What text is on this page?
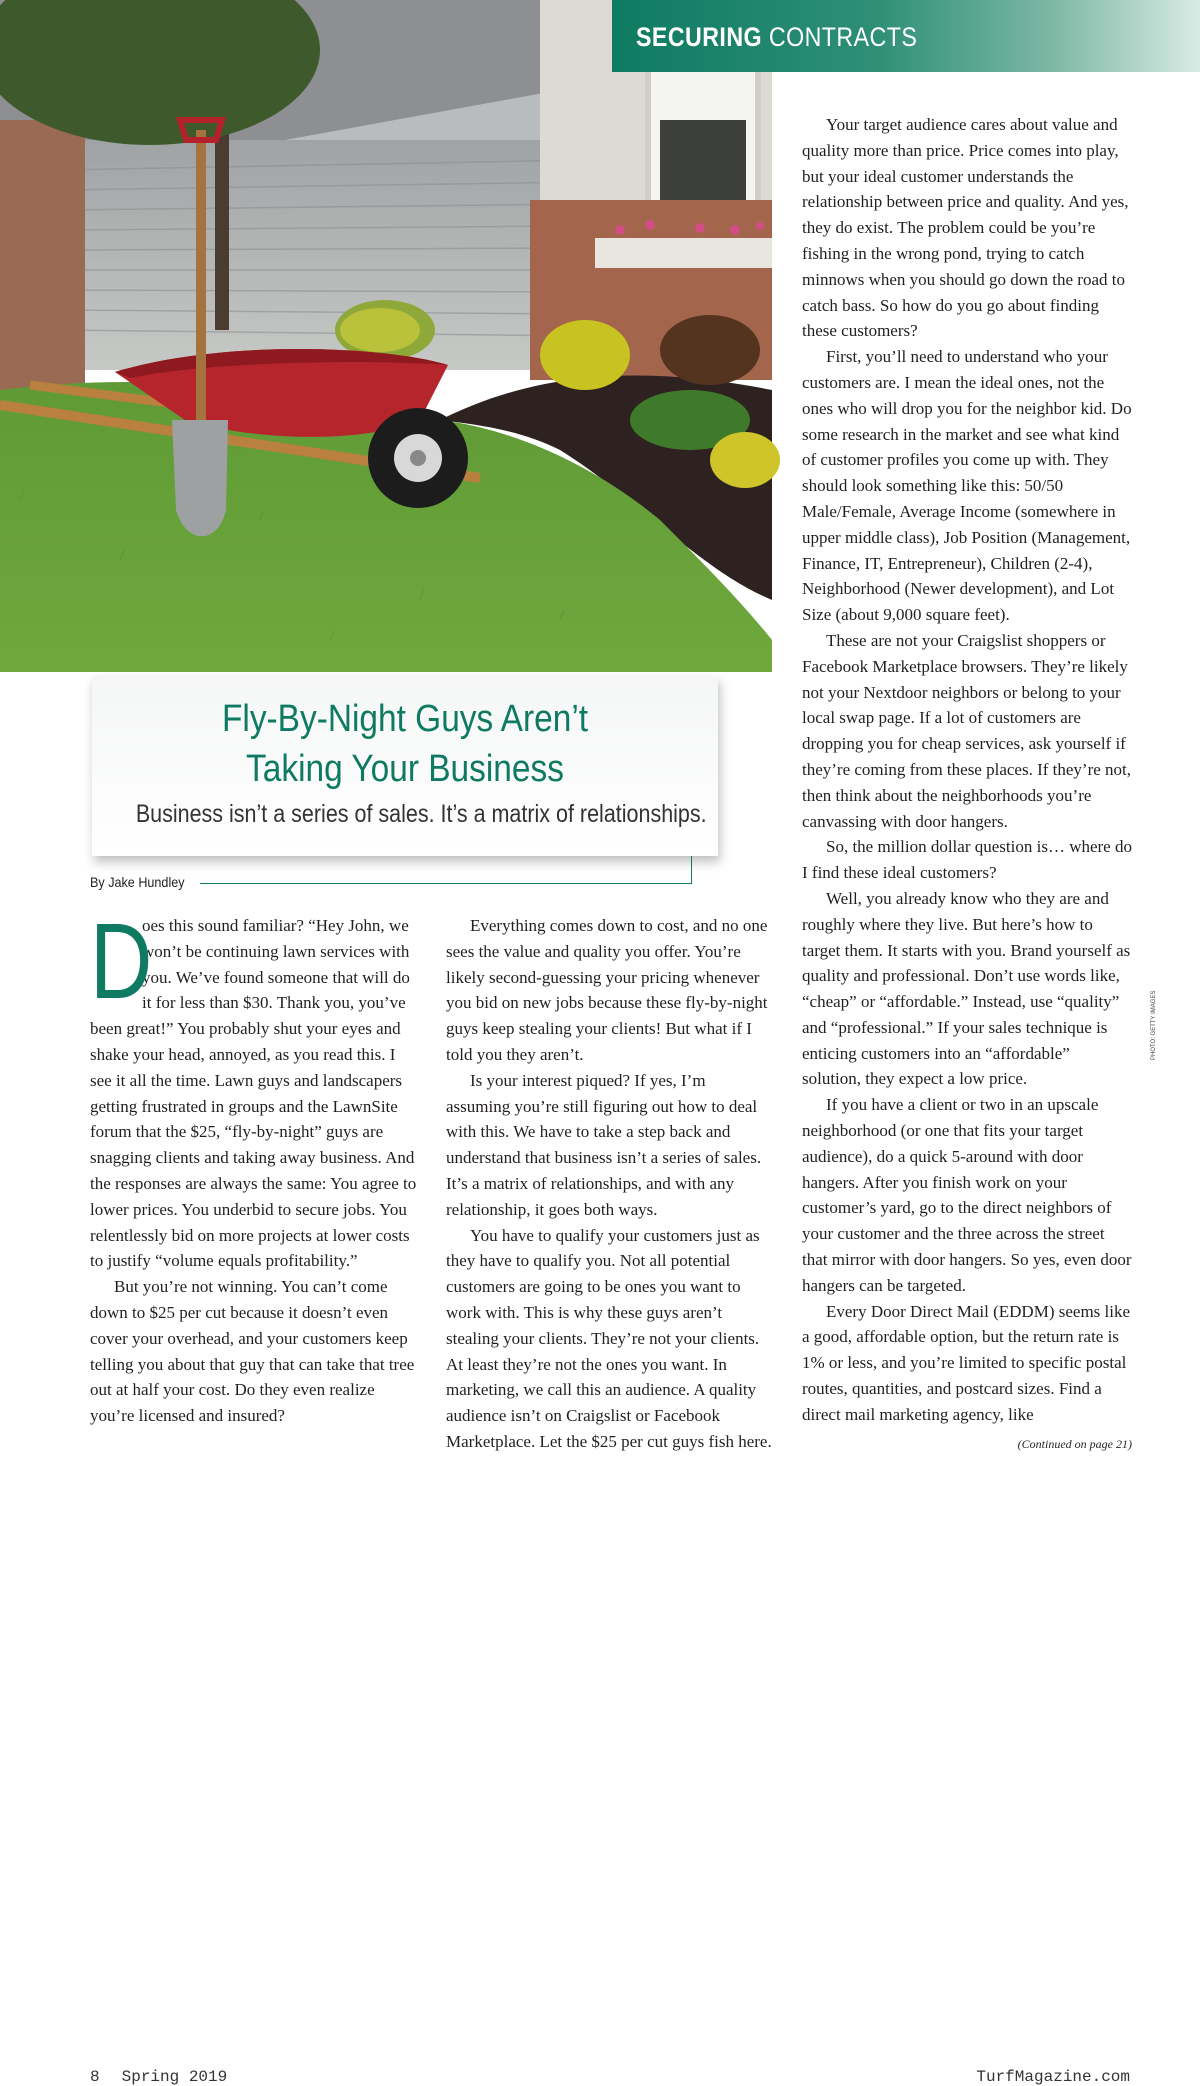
SECURING CONTRACTS
Fly-By-Night Guys Aren’t
Taking Your Business
Business isn’t a series of sales. It’s a matrix of relationships.
By Jake Hundley

D
oes this sound familiar? “Hey John, we won’t be continuing lawn services with you. We’ve found someone that will do it for less than $30. Thank you, you’ve been great!” You probably shut your eyes and shake your head, annoyed, as you read this. I see it all the time. Lawn guys and landscapers getting frustrated in groups and the LawnSite forum that the $25, “fly-by-night” guys are snagging clients and taking away business. And the responses are always the same: You agree to lower prices. You underbid to secure jobs. You relentlessly bid on more projects at lower costs to justify “volume equals profitability.”

But you’re not winning. You can’t come down to $25 per cut because it doesn’t even cover your overhead, and your customers keep telling you about that guy that can take that tree out at half your cost. Do they even realize you’re licensed and insured?

Everything comes down to cost, and no one sees the value and quality you offer. You’re likely second-guessing your pricing whenever you bid on new jobs because these fly-by-night guys keep stealing your clients! But what if I told you they aren’t.

Is your interest piqued? If yes, I’m assuming you’re still figuring out how to deal with this. We have to take a step back and understand that business isn’t a series of sales. It’s a matrix of relationships, and with any relationship, it goes both ways.

You have to qualify your customers just as they have to qualify you. Not all potential customers are going to be ones you want to work with. This is why these guys aren’t stealing your clients. They’re not your clients. At least they’re not the ones you want. In marketing, we call this an audience. A quality audience isn’t on Craigslist or Facebook Marketplace. Let the $25 per cut guys fish here.

Your target audience cares about value and quality more than price. Price comes into play, but your ideal customer understands the relationship between price and quality. And yes, they do exist. The problem could be you’re fishing in the wrong pond, trying to catch minnows when you should go down the road to catch bass. So how do you go about finding these customers?

First, you’ll need to understand who your customers are. I mean the ideal ones, not the ones who will drop you for the neighbor kid. Do some research in the market and see what kind of customer profiles you come up with. They should look something like this: 50/50 Male/Female, Average Income (somewhere in upper middle class), Job Position (Management, Finance, IT, Entrepreneur), Children (2-4), Neighborhood (Newer development), and Lot Size (about 9,000 square feet).

These are not your Craigslist shoppers or Facebook Marketplace browsers. They’re likely not your Nextdoor neighbors or belong to your local swap page. If a lot of customers are dropping you for cheap services, ask yourself if they’re coming from these places. If they’re not, then think about the neighborhoods you’re canvassing with door hangers.

So, the million dollar question is… where do I find these ideal customers?

Well, you already know who they are and roughly where they live. But here’s how to target them. It starts with you. Brand yourself as quality and professional. Don’t use words like, “cheap” or “affordable.” Instead, use “quality” and “professional.” If your sales technique is enticing customers into an “affordable” solution, they expect a low price.

If you have a client or two in an upscale neighborhood (or one that fits your target audience), do a quick 5-around with door hangers. After you finish work on your customer’s yard, go to the direct neighbors of your customer and the three across the street that mirror with door hangers. So yes, even door hangers can be targeted.

Every Door Direct Mail (EDDM) seems like a good, affordable option, but the return rate is 1% or less, and you’re limited to specific postal routes, quantities, and postcard sizes. Find a direct mail marketing agency, like

(Continued on page 21)
PHOTO: GETTY IMAGES
8 Spring 2019	TurfMagazine.com
